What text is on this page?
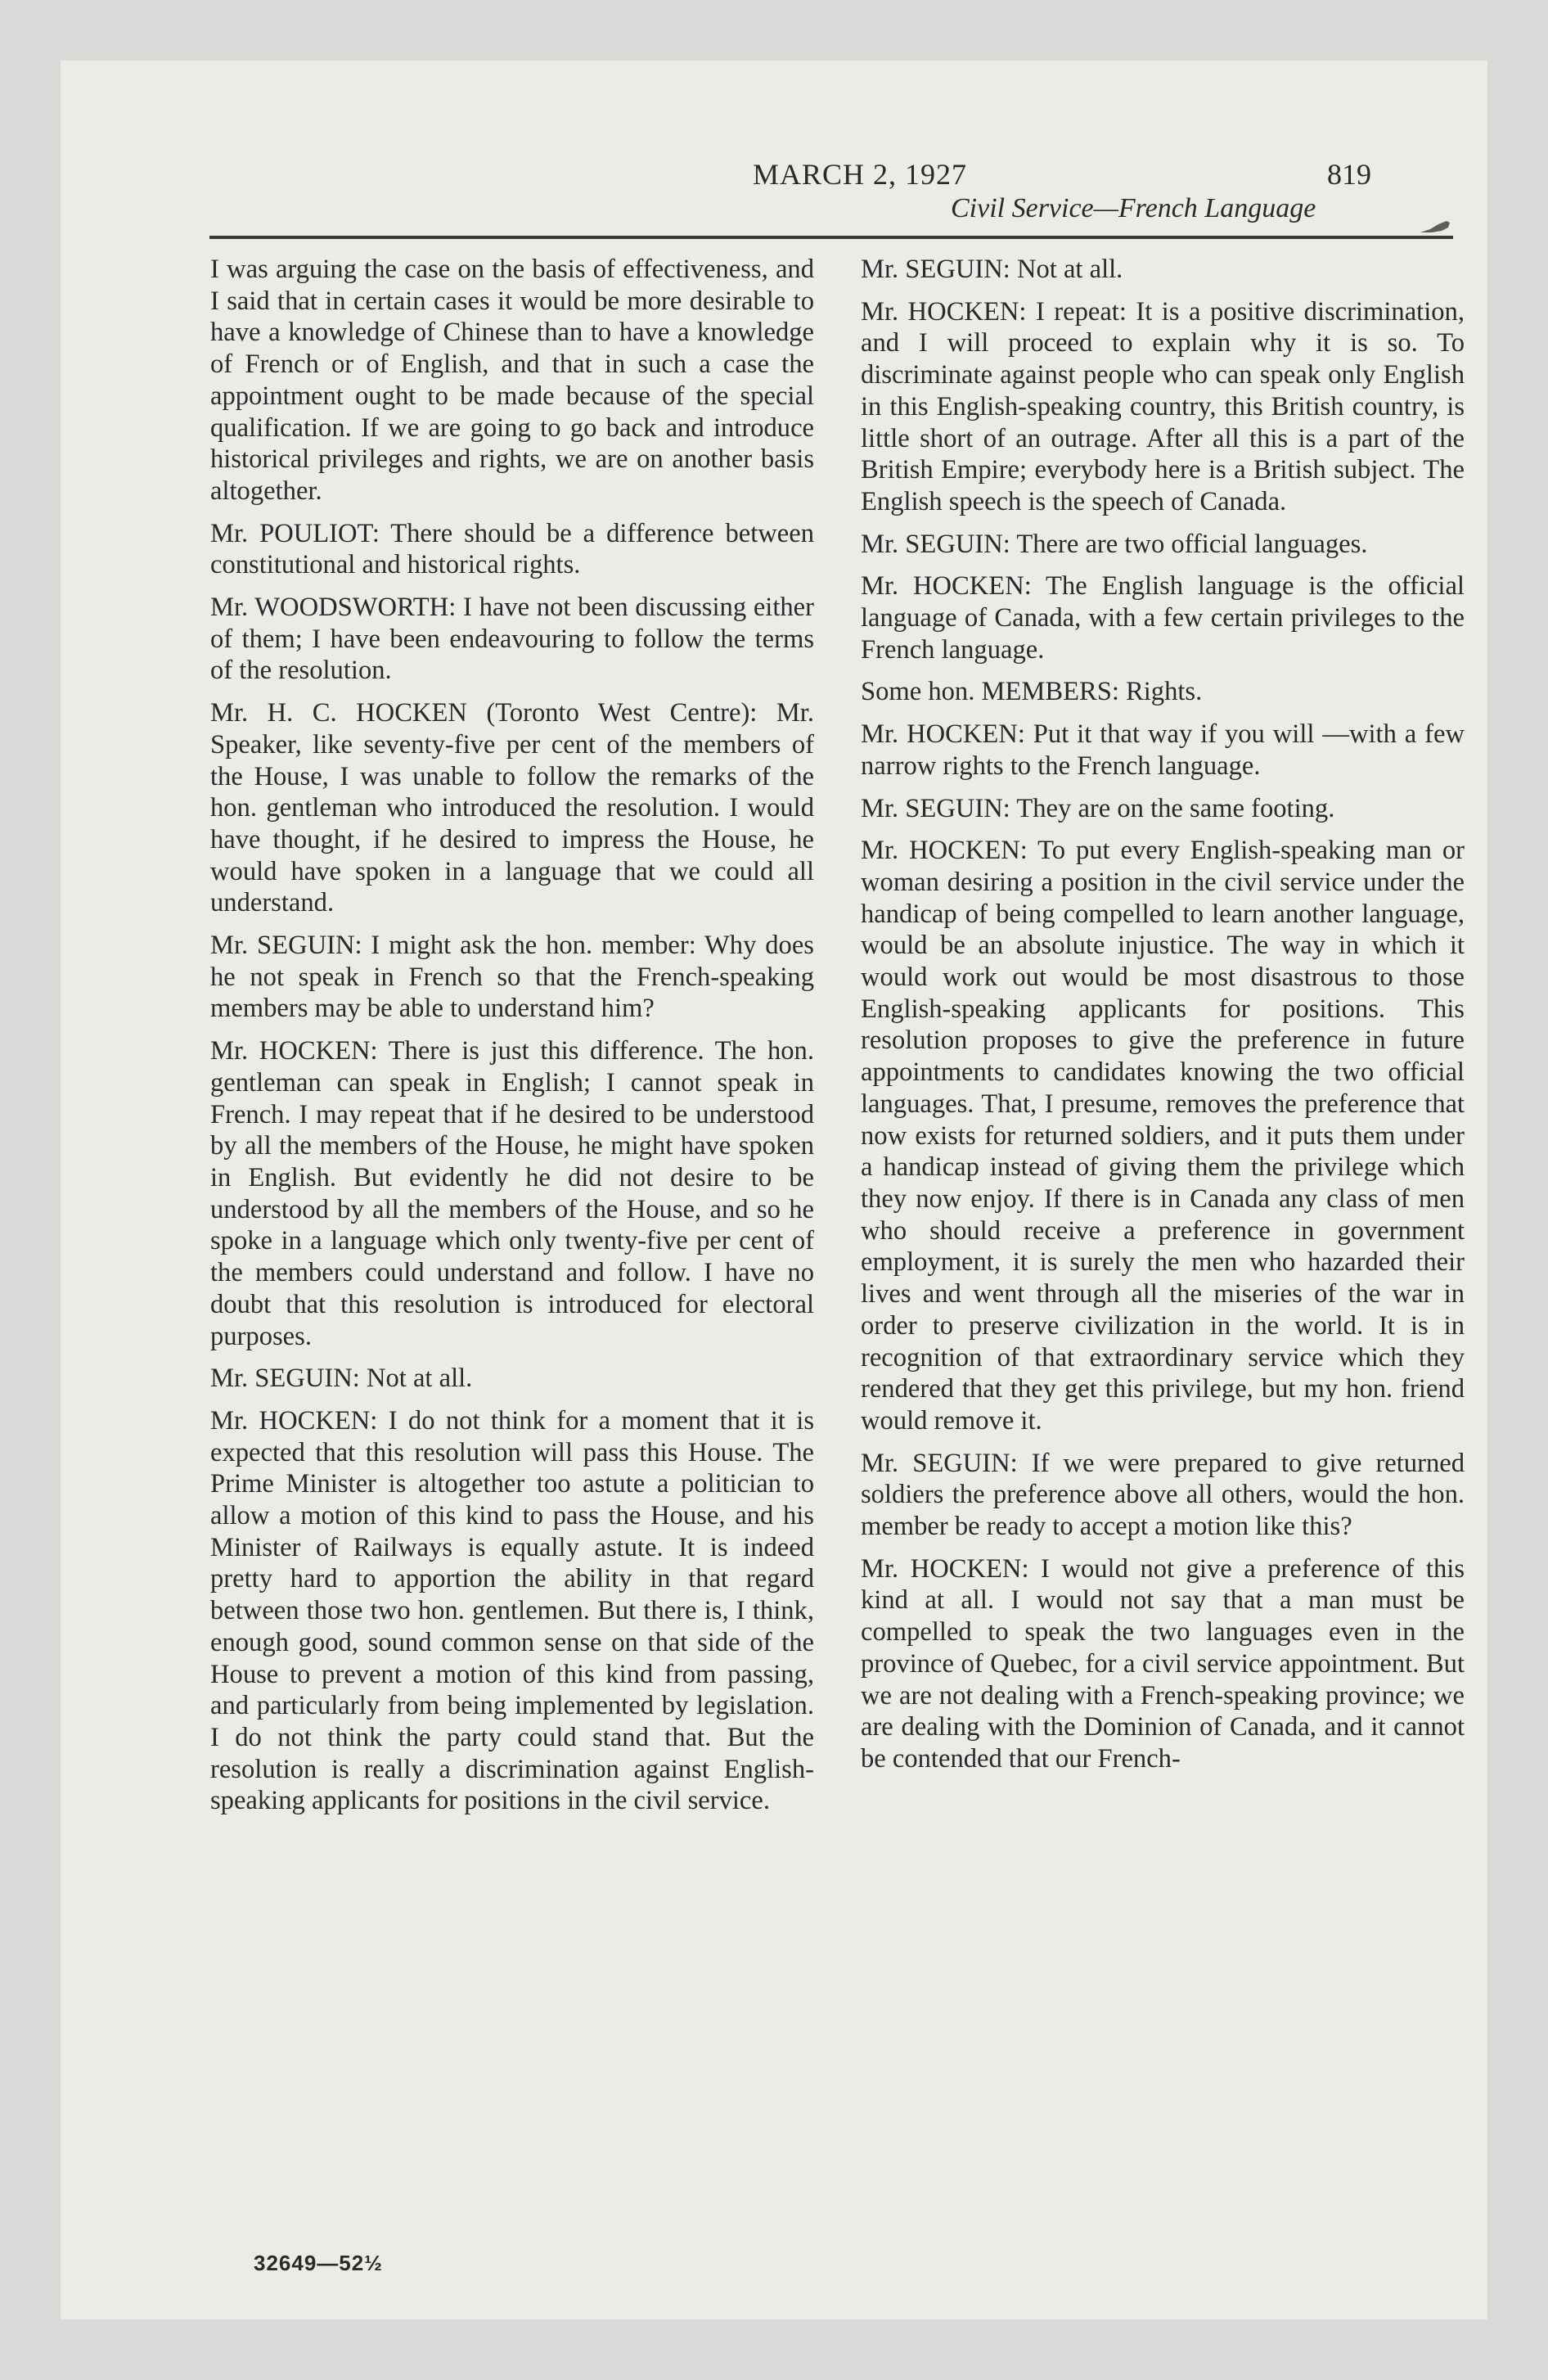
MARCH 2, 1927	819
Civil Service—French Language

I was arguing the case on the basis of effectiveness, and I said that in certain cases it would be more desirable to have a knowledge of Chinese than to have a knowledge of French or of English, and that in such a case the appointment ought to be made because of the special qualification. If we are going to go back and introduce historical privileges and rights, we are on another basis altogether.

Mr. POULIOT: There should be a difference between constitutional and historical rights.

Mr. WOODSWORTH: I have not been discussing either of them; I have been endeavouring to follow the terms of the resolution.

Mr. H. C. HOCKEN (Toronto West Centre): Mr. Speaker, like seventy-five per cent of the members of the House, I was unable to follow the remarks of the hon. gentleman who introduced the resolution. I would have thought, if he desired to impress the House, he would have spoken in a language that we could all understand.

Mr. SEGUIN: I might ask the hon. member: Why does he not speak in French so that the French-speaking members may be able to understand him?

Mr. HOCKEN: There is just this difference. The hon. gentleman can speak in English; I cannot speak in French. I may repeat that if he desired to be understood by all the members of the House, he might have spoken in English. But evidently he did not desire to be understood by all the members of the House, and so he spoke in a language which only twenty-five per cent of the members could understand and follow. I have no doubt that this resolution is introduced for electoral purposes.

Mr. SEGUIN: Not at all.

Mr. HOCKEN: I do not think for a moment that it is expected that this resolution will pass this House. The Prime Minister is altogether too astute a politician to allow a motion of this kind to pass the House, and his Minister of Railways is equally astute. It is indeed pretty hard to apportion the ability in that regard between those two hon. gentlemen. But there is, I think, enough good, sound common sense on that side of the House to prevent a motion of this kind from passing, and particularly from being implemented by legislation. I do not think the party could stand that. But the resolution is really a discrimination against English-speaking applicants for positions in the civil service.

32649—52½

Mr. SEGUIN: Not at all.

Mr. HOCKEN: I repeat: It is a positive discrimination, and I will proceed to explain why it is so. To discriminate against people who can speak only English in this English-speaking country, this British country, is little short of an outrage. After all this is a part of the British Empire; everybody here is a British subject. The English speech is the speech of Canada.

Mr. SEGUIN: There are two official languages.

Mr. HOCKEN: The English language is the official language of Canada, with a few certain privileges to the French language.

Some hon. MEMBERS: Rights.

Mr. HOCKEN: Put it that way if you will —with a few narrow rights to the French language.

Mr. SEGUIN: They are on the same footing.

Mr. HOCKEN: To put every English-speaking man or woman desiring a position in the civil service under the handicap of being compelled to learn another language, would be an absolute injustice. The way in which it would work out would be most disastrous to those English-speaking applicants for positions. This resolution proposes to give the preference in future appointments to candidates knowing the two official languages. That, I presume, removes the preference that now exists for returned soldiers, and it puts them under a handicap instead of giving them the privilege which they now enjoy. If there is in Canada any class of men who should receive a preference in government employment, it is surely the men who hazarded their lives and went through all the miseries of the war in order to preserve civilization in the world. It is in recognition of that extraordinary service which they rendered that they get this privilege, but my hon. friend would remove it.

Mr. SEGUIN: If we were prepared to give returned soldiers the preference above all others, would the hon. member be ready to accept a motion like this?

Mr. HOCKEN: I would not give a preference of this kind at all. I would not say that a man must be compelled to speak the two languages even in the province of Quebec, for a civil service appointment. But we are not dealing with a French-speaking province; we are dealing with the Dominion of Canada, and it cannot be contended that our French-
